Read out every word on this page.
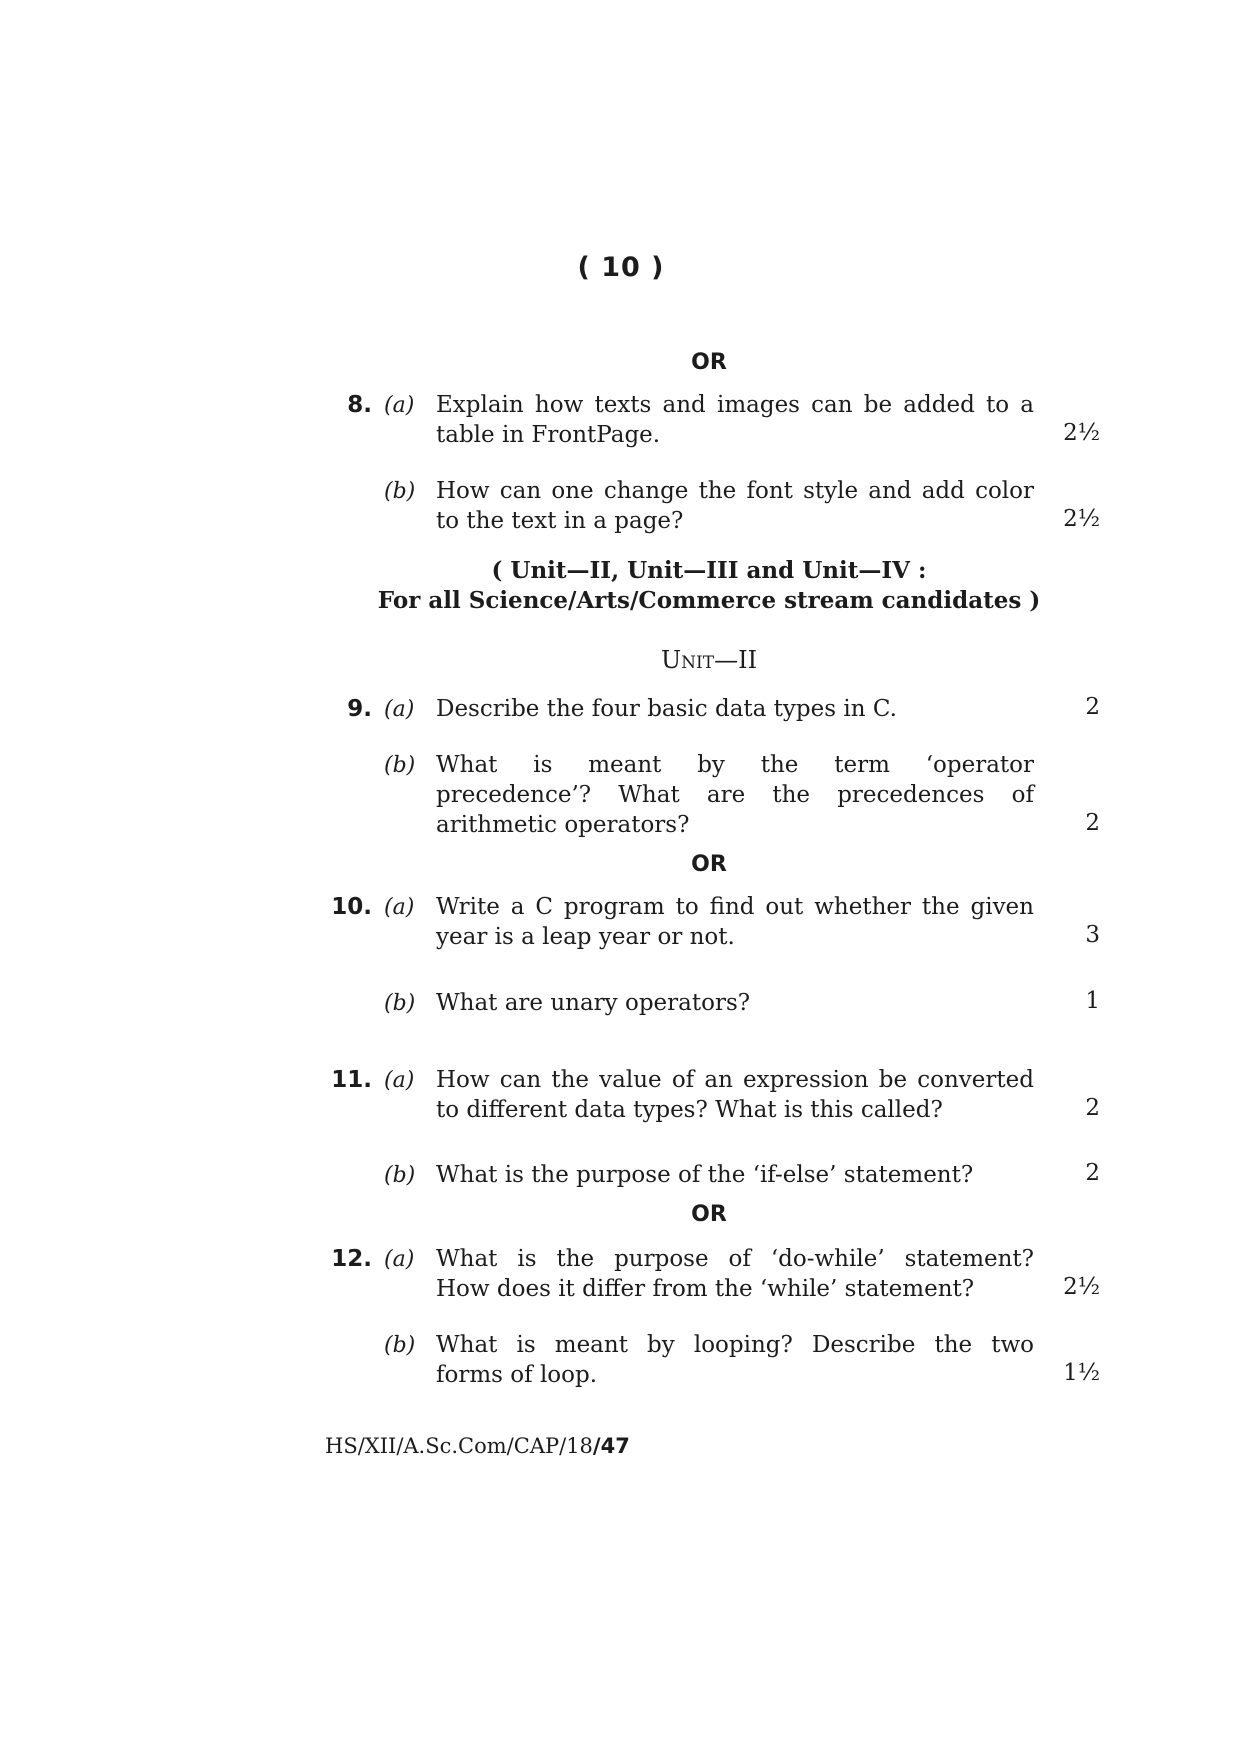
( 10 )
OR
8. (a) Explain how texts and images can be added to a
table in FrontPage.	2½
(b) How can one change the font style and add color
to the text in a page?	2½
( Unit—II, Unit—III and Unit—IV :
For all Science/Arts/Commerce stream candidates )
Unit—II
9. (a) Describe the four basic data types in C.	2
(b) What is meant by the term ‘operator
precedence’? What are the precedences of
arithmetic operators?	2
OR
10. (a) Write a C program to find out whether the given
year is a leap year or not.	3
(b) What are unary operators?	1
11. (a) How can the value of an expression be converted
to different data types? What is this called?	2
(b) What is the purpose of the ‘if-else’ statement?	2
OR
12. (a) What is the purpose of ‘do-while’ statement?
How does it differ from the ‘while’ statement?	2½
(b) What is meant by looping? Describe the two
forms of loop.	1½
HS/XII/A.Sc.Com/CAP/18/47
